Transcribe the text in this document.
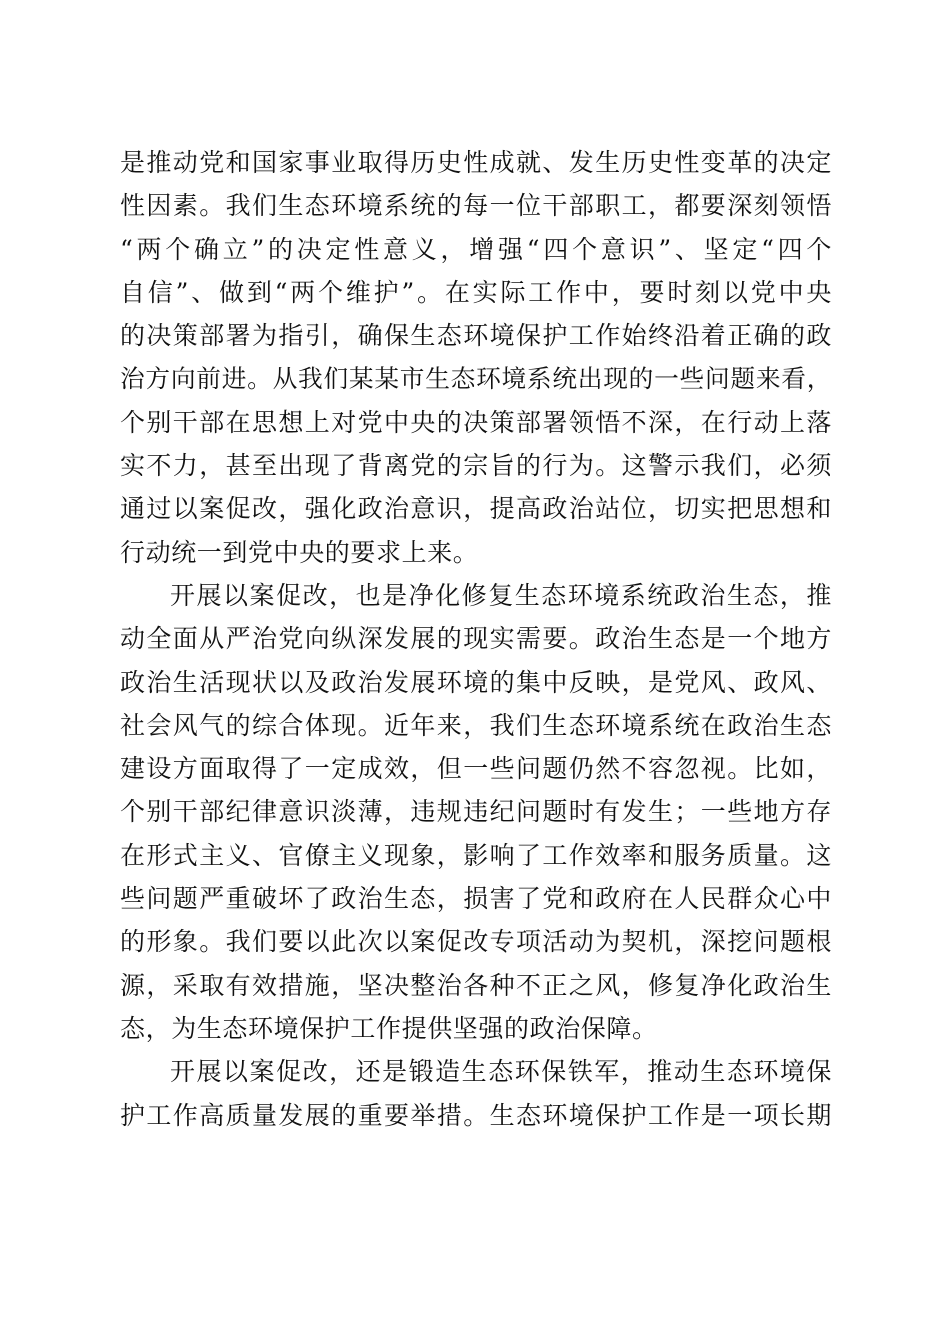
是推动党和国家事业取得历史性成就、发生历史性变革的决定
性因素。我们生态环境系统的每一位干部职工，都要深刻领悟
“两个确立”的决定性意义，增强“四个意识”、坚定“四个
自信”、做到“两个维护”。在实际工作中，要时刻以党中央
的决策部署为指引，确保生态环境保护工作始终沿着正确的政
治方向前进。从我们某某市生态环境系统出现的一些问题来看，
个别干部在思想上对党中央的决策部署领悟不深，在行动上落
实不力，甚至出现了背离党的宗旨的行为。这警示我们，必须
通过以案促改，强化政治意识，提高政治站位，切实把思想和
行动统一到党中央的要求上来。
开展以案促改，也是净化修复生态环境系统政治生态，推
动全面从严治党向纵深发展的现实需要。政治生态是一个地方
政治生活现状以及政治发展环境的集中反映，是党风、政风、
社会风气的综合体现。近年来，我们生态环境系统在政治生态
建设方面取得了一定成效，但一些问题仍然不容忽视。比如，
个别干部纪律意识淡薄，违规违纪问题时有发生；一些地方存
在形式主义、官僚主义现象，影响了工作效率和服务质量。这
些问题严重破坏了政治生态，损害了党和政府在人民群众心中
的形象。我们要以此次以案促改专项活动为契机，深挖问题根
源，采取有效措施，坚决整治各种不正之风，修复净化政治生
态，为生态环境保护工作提供坚强的政治保障。
开展以案促改，还是锻造生态环保铁军，推动生态环境保
护工作高质量发展的重要举措。生态环境保护工作是一项长期
